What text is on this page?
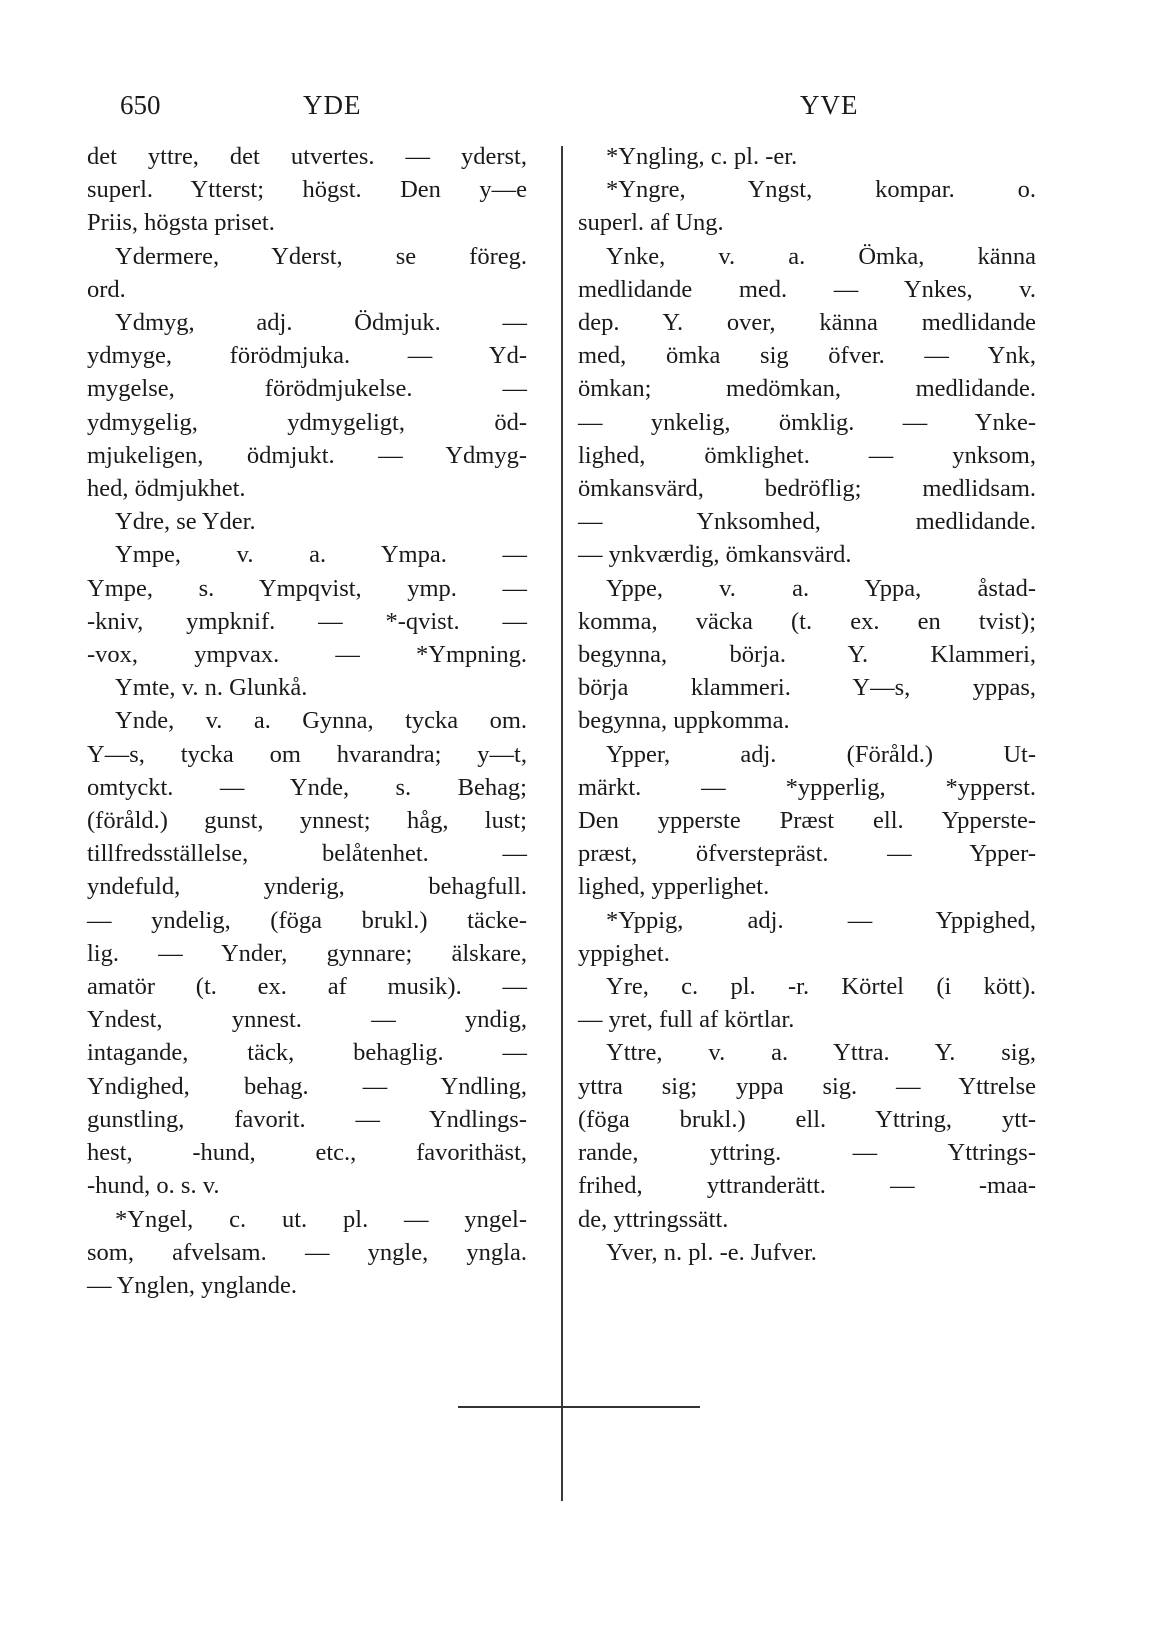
650	YDE	YVE
det yttre, det utvertes. — yderst,
superl. Ytterst; högst. Den y—e
Priis, högsta priset.
Ydermere, Yderst, se föreg.
ord.
Ydmyg, adj. Ödmjuk. —
ydmyge, förödmjuka. — Yd-
mygelse, förödmjukelse. —
ydmygelig, ydmygeligt, öd-
mjukeligen, ödmjukt. — Ydmyg-
hed, ödmjukhet.
Ydre, se Yder.
Ympe, v. a. Ympa. —
Ympe, s. Ympqvist, ymp. —
-kniv, ympknif. — *-qvist. —
-vox, ympvax. — *Ympning.
Ymte, v. n. Glunkå.
Ynde, v. a. Gynna, tycka om.
Y—s, tycka om hvarandra; y—t,
omtyckt. — Ynde, s. Behag;
(föråld.) gunst, ynnest; håg, lust;
tillfredsställelse, belåtenhet. —
yndefuld, ynderig, behagfull.
— yndelig, (föga brukl.) täcke-
lig. — Ynder, gynnare; älskare,
amatör (t. ex. af musik). —
Yndest, ynnest. — yndig,
intagande, täck, behaglig. —
Yndighed, behag. — Yndling,
gunstling, favorit. — Yndlings-
hest, -hund, etc., favorithäst,
-hund, o. s. v.
*Yngel, c. ut. pl. — yngel-
som, afvelsam. — yngle, yngla.
— Ynglen, ynglande.
*Yngling, c. pl. -er.
*Yngre, Yngst, kompar. o.
superl. af Ung.
Ynke, v. a. Ömka, känna
medlidande med. — Ynkes, v.
dep. Y. over, känna medlidande
med, ömka sig öfver. — Ynk,
ömkan; medömkan, medlidande.
— ynkelig, ömklig. — Ynke-
lighed, ömklighet. — ynksom,
ömkansvärd, bedröflig; medlidsam.
— Ynksomhed, medlidande.
— ynkværdig, ömkansvärd.
Yppe, v. a. Yppa, åstad-
komma, väcka (t. ex. en tvist);
begynna, börja. Y. Klammeri,
börja klammeri. Y—s, yppas,
begynna, uppkomma.
Ypper, adj. (Föråld.) Ut-
märkt. — *ypperlig, *ypperst.
Den ypperste Præst ell. Ypperste-
præst, öfverstepräst. — Ypper-
lighed, ypperlighet.
*Yppig, adj. — Yppighed,
yppighet.
Yre, c. pl. -r. Körtel (i kött).
— yret, full af körtlar.
Yttre, v. a. Yttra. Y. sig,
yttra sig; yppa sig. — Yttrelse
(föga brukl.) ell. Yttring, ytt-
rande, yttring. — Yttrings-
frihed, yttranderätt. — -maa-
de, yttringssätt.
Yver, n. pl. -e. Jufver.
